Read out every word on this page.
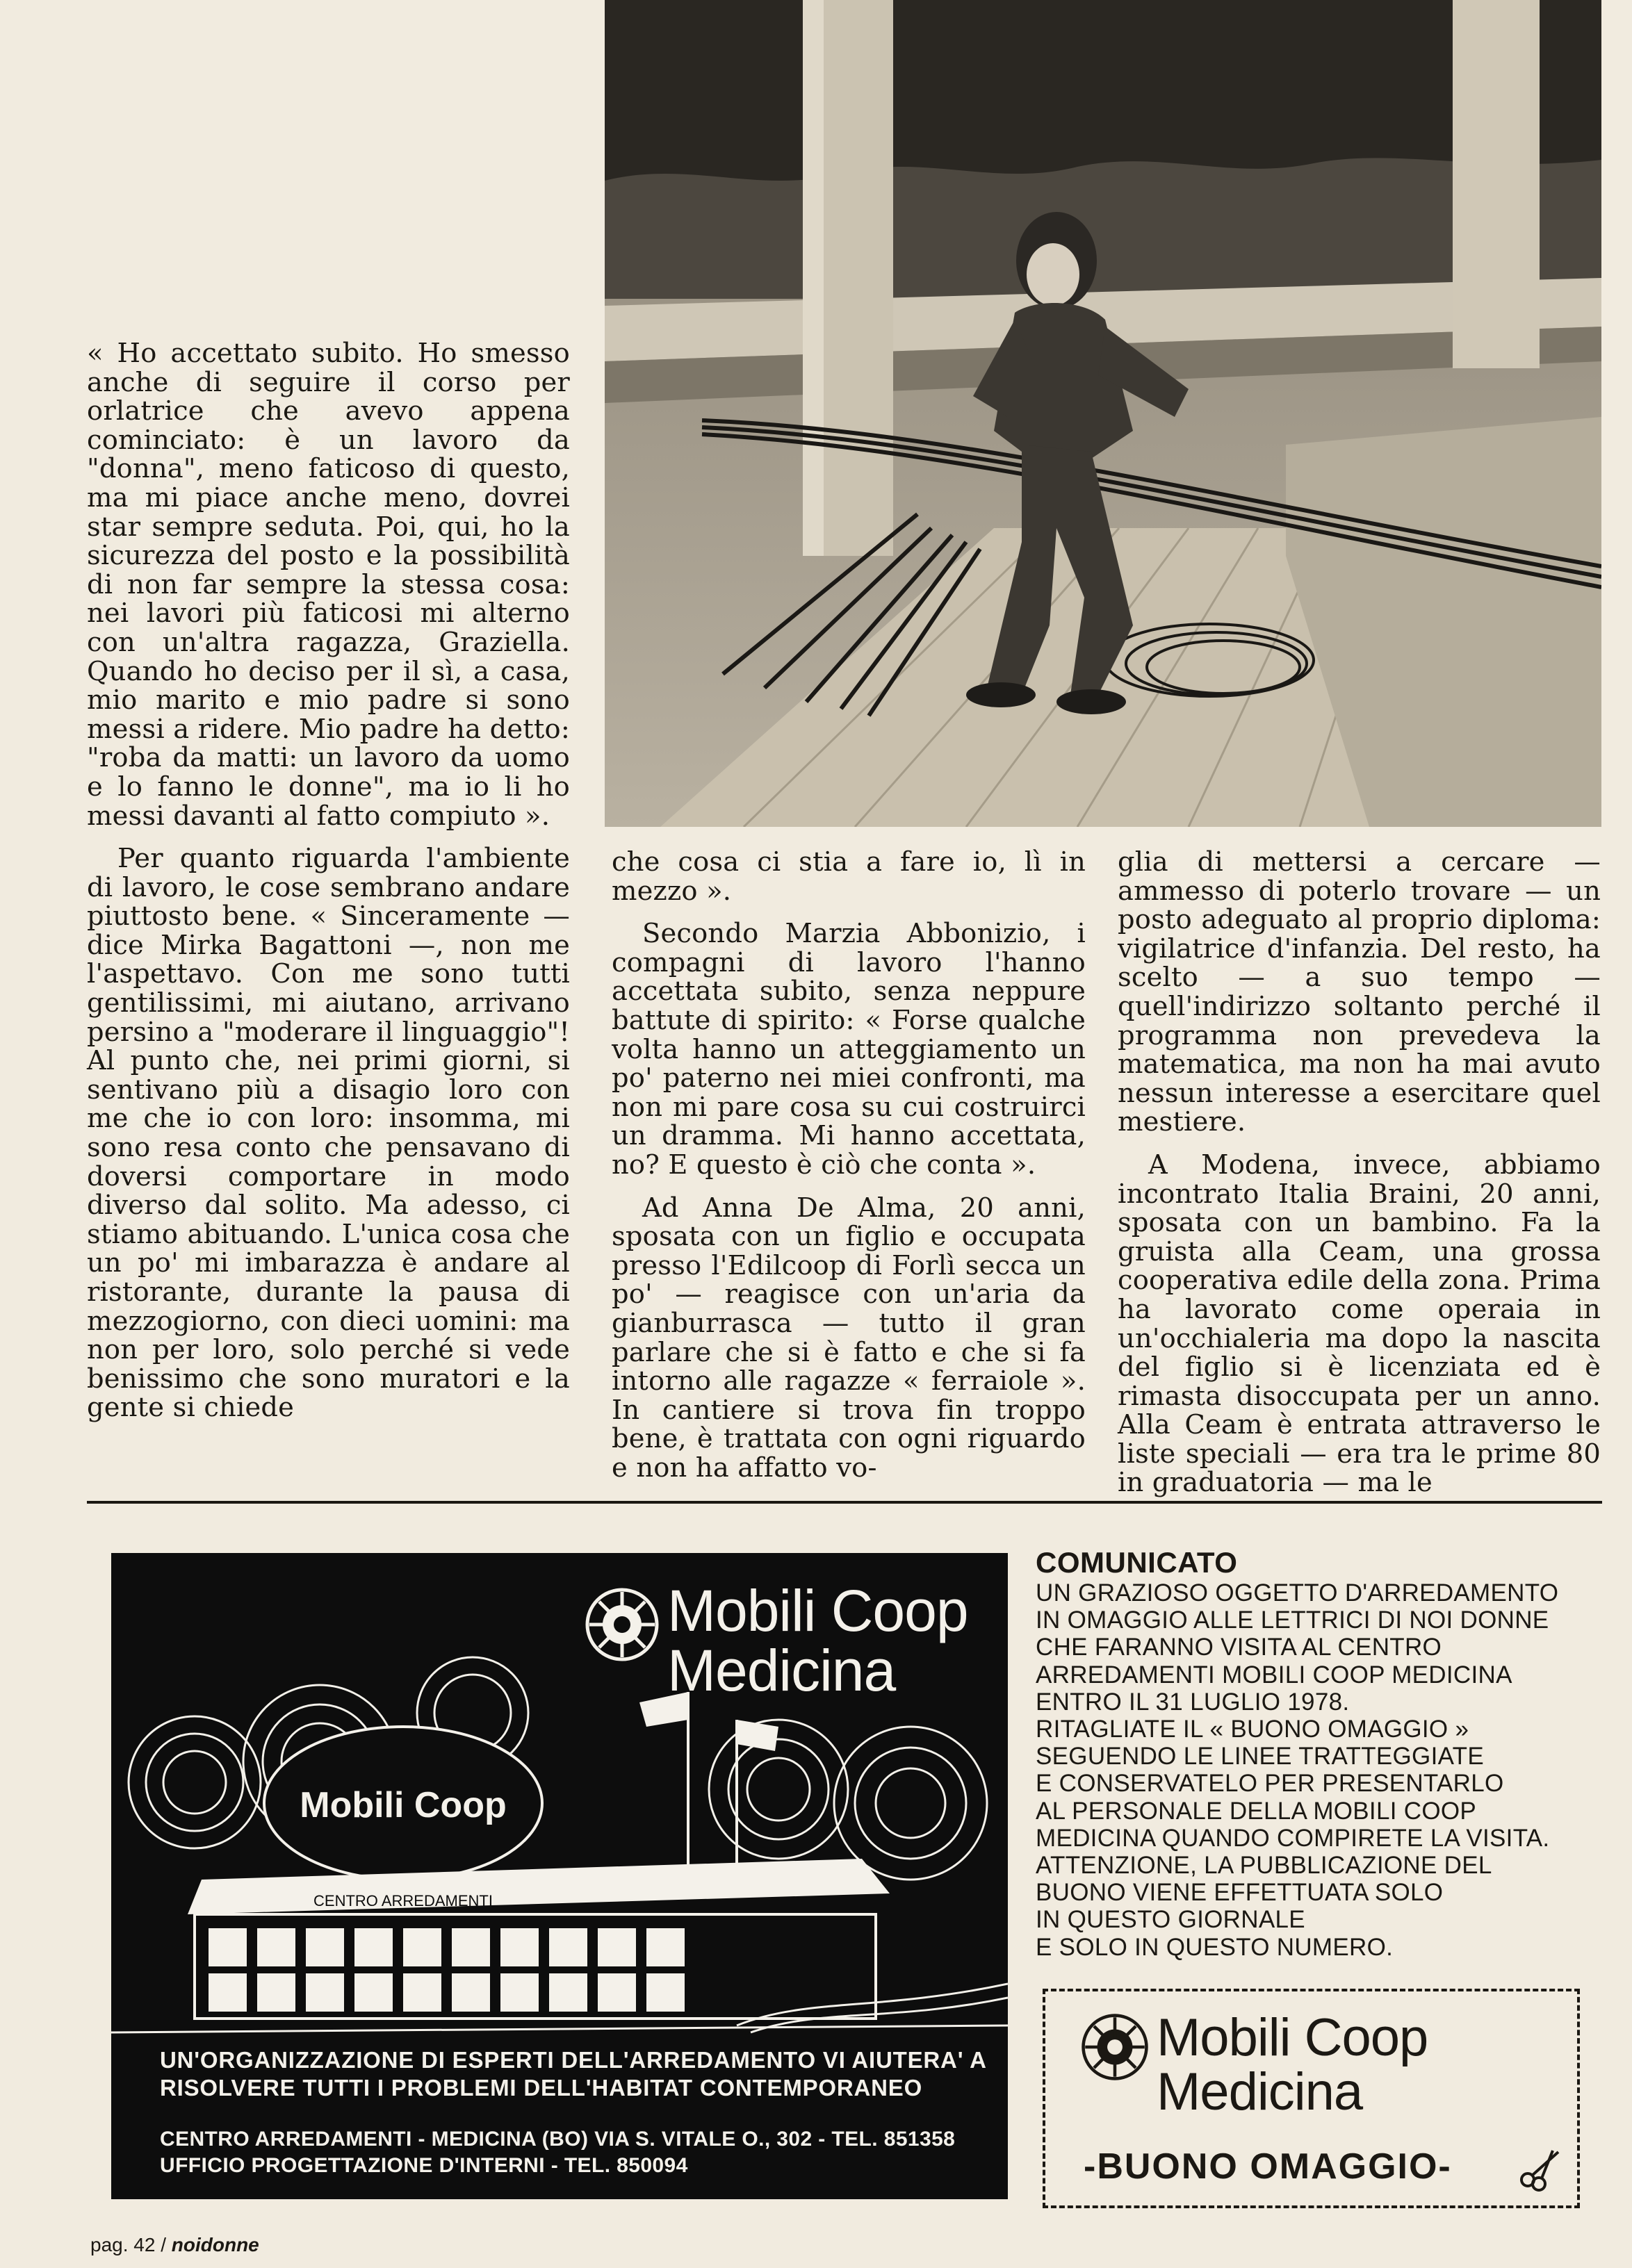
« Ho accettato subito. Ho smesso anche di seguire il corso per orlatrice che avevo appena cominciato: è un lavoro da "donna", meno faticoso di questo, ma mi piace anche meno, dovrei star sempre seduta. Poi, qui, ho la sicurezza del posto e la possibilità di non far sempre la stessa cosa: nei lavori più faticosi mi alterno con un'altra ragazza, Graziella. Quando ho deciso per il sì, a casa, mio marito e mio padre si sono messi a ridere. Mio padre ha detto: "roba da matti: un lavoro da uomo e lo fanno le donne", ma io li ho messi davanti al fatto compiuto ».

Per quanto riguarda l'ambiente di lavoro, le cose sembrano andare piuttosto bene. « Sinceramente — dice Mirka Bagattoni —, non me l'aspettavo. Con me sono tutti gentilissimi, mi aiutano, arrivano persino a "moderare il linguaggio"! Al punto che, nei primi giorni, si sentivano più a disagio loro con me che io con loro: insomma, mi sono resa conto che pensavano di doversi comportare in modo diverso dal solito. Ma adesso, ci stiamo abituando. L'unica cosa che un po' mi imbarazza è andare al ristorante, durante la pausa di mezzogiorno, con dieci uomini: ma non per loro, solo perché si vede benissimo che sono muratori e la gente si chiede

che cosa ci stia a fare io, lì in mezzo ».

Secondo Marzia Abbonizio, i compagni di lavoro l'hanno accettata subito, senza neppure battute di spirito: « Forse qualche volta hanno un atteggiamento un po' paterno nei miei confronti, ma non mi pare cosa su cui costruirci un dramma. Mi hanno accettata, no? E questo è ciò che conta ».

Ad Anna De Alma, 20 anni, sposata con un figlio e occupata presso l'Edilcoop di Forlì secca un po' — reagisce con un'aria da gianburrasca — tutto il gran parlare che si è fatto e che si fa intorno alle ragazze « ferraiole ». In cantiere si trova fin troppo bene, è trattata con ogni riguardo e non ha affatto vo-

glia di mettersi a cercare — ammesso di poterlo trovare — un posto adeguato al proprio diploma: vigilatrice d'infanzia. Del resto, ha scelto — a suo tempo — quell'indirizzo soltanto perché il programma non prevedeva la matematica, ma non ha mai avuto nessun interesse a esercitare quel mestiere.

A Modena, invece, abbiamo incontrato Italia Braini, 20 anni, sposata con un bambino. Fa la gruista alla Ceam, una grossa cooperativa edile della zona. Prima ha lavorato come operaia in un'occhialeria ma dopo la nascita del figlio si è licenziata ed è rimasta disoccupata per un anno. Alla Ceam è entrata attraverso le liste speciali — era tra le prime 80 in graduatoria — ma le

Mobili Coop
CENTRO ARREDAMENTI
Mobili Coop
Medicina
UN'ORGANIZZAZIONE DI ESPERTI DELL'ARREDAMENTO VI AIUTERA' A
RISOLVERE TUTTI I PROBLEMI DELL'HABITAT CONTEMPORANEO
CENTRO ARREDAMENTI - MEDICINA (BO) VIA S. VITALE O., 302 - TEL. 851358
UFFICIO PROGETTAZIONE D'INTERNI - TEL. 850094
COMUNICATO
UN GRAZIOSO OGGETTO D'ARREDAMENTO
IN OMAGGIO ALLE LETTRICI DI NOI DONNE
CHE FARANNO VISITA AL CENTRO
ARREDAMENTI MOBILI COOP MEDICINA
ENTRO IL 31 LUGLIO 1978.
RITAGLIATE IL « BUONO OMAGGIO »
SEGUENDO LE LINEE TRATTEGGIATE
E CONSERVATELO PER PRESENTARLO
AL PERSONALE DELLA MOBILI COOP
MEDICINA QUANDO COMPIRETE LA VISITA.
ATTENZIONE, LA PUBBLICAZIONE DEL
BUONO VIENE EFFETTUATA SOLO
IN QUESTO GIORNALE
E SOLO IN QUESTO NUMERO.
Mobili Coop
Medicina
-BUONO OMAGGIO-
pag. 42 / noidonne
